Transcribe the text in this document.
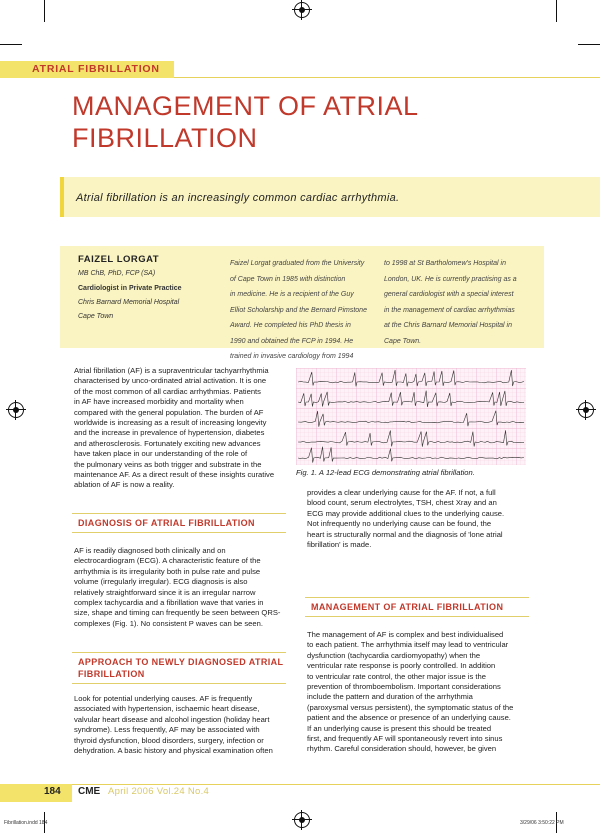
ATRIAL FIBRILLATION
MANAGEMENT OF ATRIAL
FIBRILLATION
Atrial fibrillation is an increasingly common cardiac arrhythmia.
FAIZEL LORGAT
MB ChB, PhD, FCP (SA)
Cardiologist in Private Practice
Chris Barnard Memorial Hospital
Cape Town
Faizel Lorgat graduated from the University
of Cape Town in 1985 with distinction
in medicine. He is a recipient of the Guy
Elliot Scholarship and the Bernard Pimstone
Award. He completed his PhD thesis in
1990 and obtained the FCP in 1994. He
trained in invasive cardiology from 1994
to 1998 at St Bartholomew's Hospital in
London, UK. He is currently practising as a
general cardiologist with a special interest
in the management of cardiac arrhythmias
at the Chris Barnard Memorial Hospital in
Cape Town.

Atrial fibrillation (AF) is a supraventricular tachyarrhythmia

characterised by unco-ordinated atrial activation. It is one

of the most common of all cardiac arrhythmias. Patients

in AF have increased morbidity and mortality when

compared with the general population. The burden of AF

worldwide is increasing as a result of increasing longevity

and the increase in prevalence of hypertension, diabetes

and atherosclerosis. Fortunately exciting new advances

have taken place in our understanding of the role of

the pulmonary veins as both trigger and substrate in the

maintenance AF. As a direct result of these insights curative

ablation of AF is now a reality.

DIAGNOSIS OF ATRIAL FIBRILLATION

AF is readily diagnosed both clinically and on

electrocardiogram (ECG). A characteristic feature of the

arrhythmia is its irregularity both in pulse rate and pulse

volume (irregularly irregular). ECG diagnosis is also

relatively straightforward since it is an irregular narrow

complex tachycardia and a fibrillation wave that varies in

size, shape and timing can frequently be seen between QRS-

complexes (Fig. 1). No consistent P waves can be seen.

APPROACH TO NEWLY DIAGNOSED ATRIAL
FIBRILLATION

Look for potential underlying causes. AF is frequently

associated with hypertension, ischaemic heart disease,

valvular heart disease and alcohol ingestion (holiday heart

syndrome). Less frequently, AF may be associated with

thyroid dysfunction, blood disorders, surgery, infection or

dehydration. A basic history and physical examination often

Fig. 1. A 12-lead ECG demonstrating atrial fibrillation.

provides a clear underlying cause for the AF. If not, a full

blood count, serum electrolytes, TSH, chest Xray and an

ECG may provide additional clues to the underlying cause.

Not infrequently no underlying cause can be found, the

heart is structurally normal and the diagnosis of 'lone atrial

fibrillation' is made.

MANAGEMENT OF ATRIAL FIBRILLATION

The management of AF is complex and best individualised

to each patient. The arrhythmia itself may lead to ventricular

dysfunction (tachycardia cardiomyopathy) when the

ventricular rate response is poorly controlled. In addition

to ventricular rate control, the other major issue is the

prevention of thromboembolism. Important considerations

include the pattern and duration of the arrhythmia

(paroxysmal versus persistent), the symptomatic status of the

patient and the absence or presence of an underlying cause.

If an underlying cause is present this should be treated

first, and frequently AF will spontaneously revert into sinus

rhythm. Careful consideration should, however, be given

184 CME April 2006 Vol.24 No.4
Fibrillation.indd 184	3/29/06 3:50:22 PM
